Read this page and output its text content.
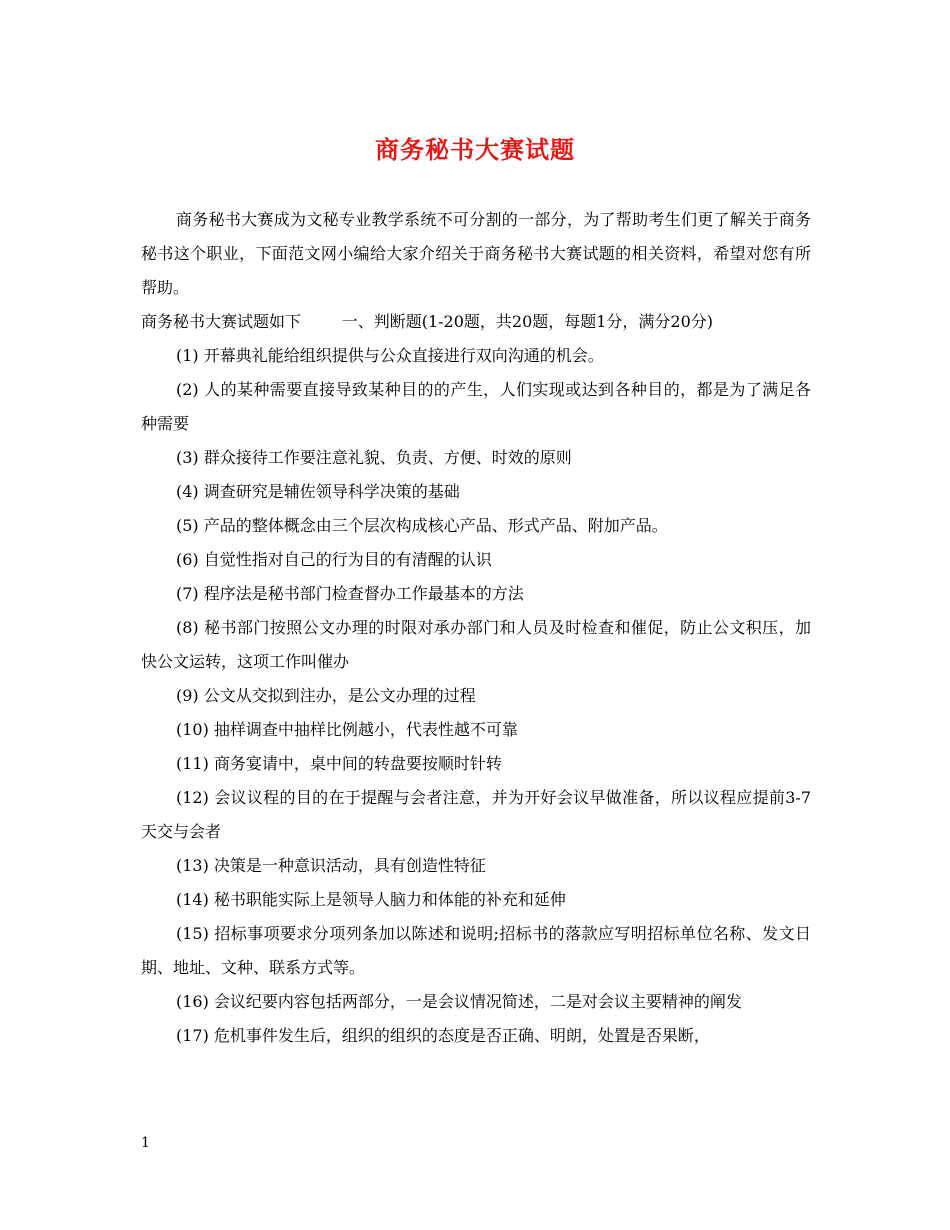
商务秘书大赛试题

商务秘书大赛成为文秘专业教学系统不可分割的一部分，为了帮助考生们更了解关于商务秘书这个职业，下面范文网小编给大家介绍关于商务秘书大赛试题的相关资料，希望对您有所帮助。

商务秘书大赛试题如下	一、判断题(1-20题，共20题，每题1分，满分20分)

(1) 开幕典礼能给组织提供与公众直接进行双向沟通的机会。

(2) 人的某种需要直接导致某种目的的产生，人们实现或达到各种目的，都是为了满足各种需要

(3) 群众接待工作要注意礼貌、负责、方便、时效的原则

(4) 调查研究是辅佐领导科学决策的基础

(5) 产品的整体概念由三个层次构成核心产品、形式产品、附加产品。

(6) 自觉性指对自己的行为目的有清醒的认识

(7) 程序法是秘书部门检查督办工作最基本的方法

(8) 秘书部门按照公文办理的时限对承办部门和人员及时检查和催促，防止公文积压，加快公文运转，这项工作叫催办

(9) 公文从交拟到注办，是公文办理的过程

(10) 抽样调查中抽样比例越小，代表性越不可靠

(11) 商务宴请中，桌中间的转盘要按顺时针转

(12) 会议议程的目的在于提醒与会者注意，并为开好会议早做准备，所以议程应提前3-7天交与会者

(13) 决策是一种意识活动，具有创造性特征

(14) 秘书职能实际上是领导人脑力和体能的补充和延伸

(15) 招标事项要求分项列条加以陈述和说明;招标书的落款应写明招标单位名称、发文日期、地址、文种、联系方式等。

(16) 会议纪要内容包括两部分，一是会议情况简述，二是对会议主要精神的阐发

(17) 危机事件发生后，组织的组织的态度是否正确、明朗，处置是否果断，

1
